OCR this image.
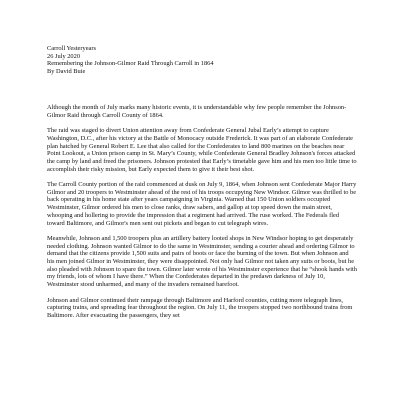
Carroll Yesteryears
26 July 2020
Remembering the Johnson-Gilmor Raid Through Carroll in 1864
By David Buie

Although the month of July marks many historic events, it is understandable why few people remember the Johnson-Gilmor Raid through Carroll County of 1864.

The raid was staged to divert Union attention away from Confederate General Jubal Early’s attempt to capture Washington, D.C., after his victory at the Battle of Monocacy outside Frederick. It was part of an elaborate Confederate plan hatched by General Robert E. Lee that also called for the Confederates to land 800 marines on the beaches near Point Lookout, a Union prison camp in St. Mary’s County, while Confederate General Bradley Johnson's forces attacked the camp by land and freed the prisoners. Johnson protested that Early’s timetable gave him and his men too little time to accomplish their risky mission, but Early expected them to give it their best shot.

The Carroll County portion of the raid commenced at dusk on July 9, 1864, when Johnson sent Confederate Major Harry Gilmor and 20 troopers to Westminster ahead of the rest of his troops occupying New Windsor. Gilmor was thrilled to be back operating in his home state after years campaigning in Virginia. Warned that 150 Union soldiers occupied Westminster, Gilmor ordered his men to close ranks, draw sabers, and gallop at top speed down the main street, whooping and hollering to provide the impression that a regiment had arrived. The ruse worked. The Federals fled toward Baltimore, and Gilmor's men sent out pickets and began to cut telegraph wires.

Meanwhile, Johnson and 1,500 troopers plus an artillery battery looted shops in New Windsor hoping to get desperately needed clothing. Johnson wanted Gilmor to do the same in Westminster, sending a courier ahead and ordering Gilmor to demand that the citizens provide 1,500 suits and pairs of boots or face the burning of the town. But when Johnson and his men joined Gilmor in Westminster, they were disappointed. Not only had Gilmor not taken any suits or boots, but he also pleaded with Johnson to spare the town. Gilmor later wrote of his Westminster experience that he “shook hands with my friends, lots of whom I have there.” When the Confederates departed in the predawn darkness of July 10, Westminster stood unharmed, and many of the invaders remained barefoot.

Johnson and Gilmor continued their rampage through Baltimore and Harford counties, cutting more telegraph lines, capturing trains, and spreading fear throughout the region. On July 11, the troopers stopped two northbound trains from Baltimore. After evacuating the passengers, they set
